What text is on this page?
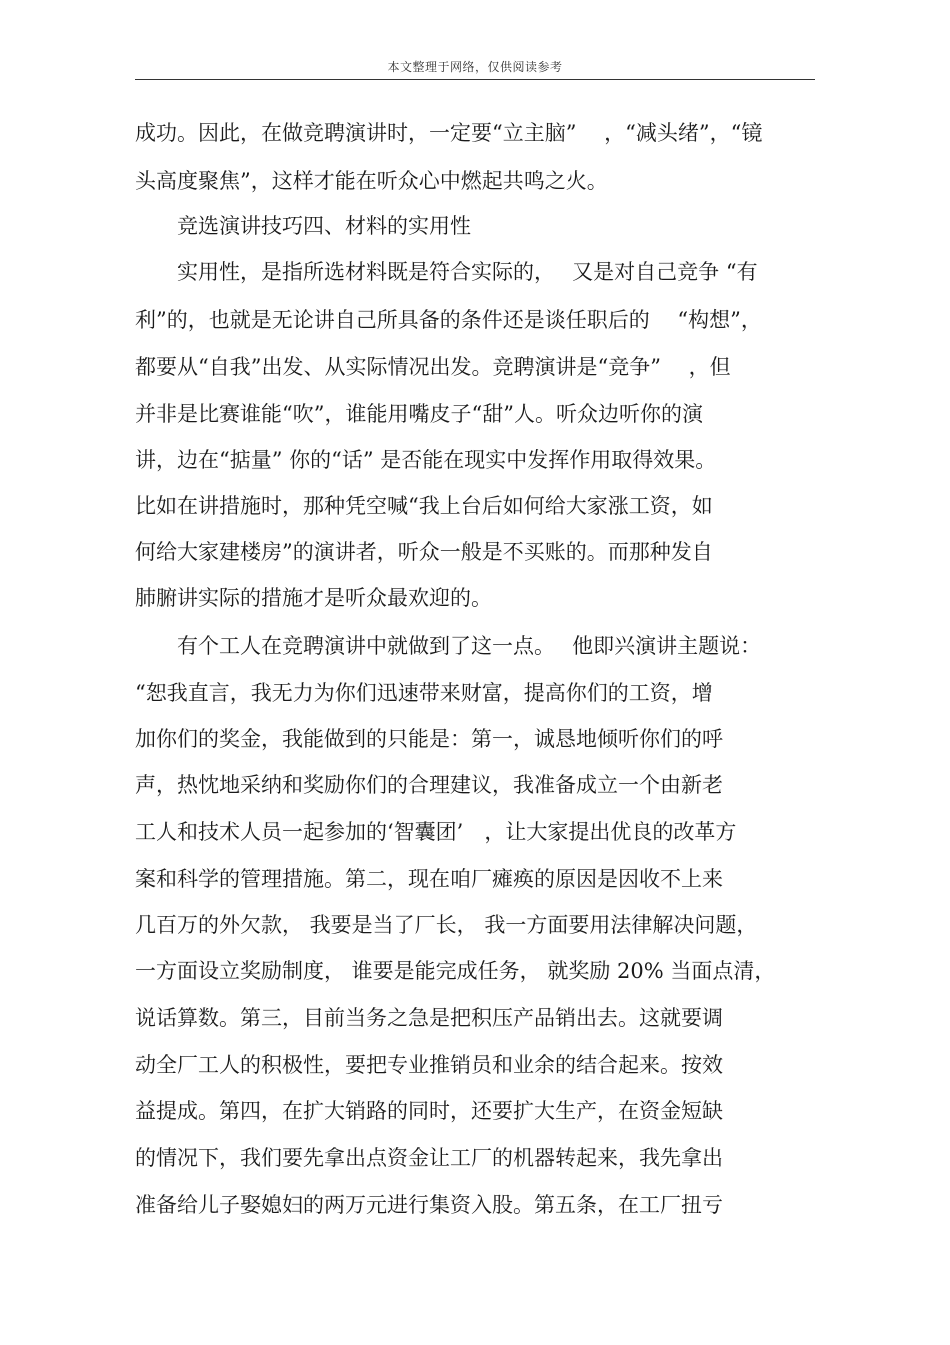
本文整理于网络，仅供阅读参考
成功。因此，在做竞聘演讲时，一定要“立主脑”　 ，“减头绪”，“镜
头高度聚焦”，这样才能在听众心中燃起共鸣之火。
　　竞选演讲技巧四、材料的实用性
　　实用性，是指所选材料既是符合实际的，　 又是对自己竞争 “有
利”的，也就是无论讲自己所具备的条件还是谈任职后的　 “构想”，
都要从“自我”出发、从实际情况出发。竞聘演讲是“竞争”　 ，但
并非是比赛谁能“吹”，谁能用嘴皮子“甜”人。听众边听你的演
讲，边在“掂量” 你的“话” 是否能在现实中发挥作用取得效果。
比如在讲措施时，那种凭空喊“我上台后如何给大家涨工资，如
何给大家建楼房”的演讲者，听众一般是不买账的。而那种发自
肺腑讲实际的措施才是听众最欢迎的。
　　有个工人在竞聘演讲中就做到了这一点。　 他即兴演讲主题说：
“恕我直言，我无力为你们迅速带来财富，提高你们的工资，增
加你们的奖金，我能做到的只能是：第一，诚恳地倾听你们的呼
声，热忱地采纳和奖励你们的合理建议，我准备成立一个由新老
工人和技术人员一起参加的‘智囊团’　，让大家提出优良的改革方
案和科学的管理措施。第二，现在咱厂瘫痪的原因是因收不上来
几百万的外欠款， 我要是当了厂长， 我一方面要用法律解决问题，
一方面设立奖励制度， 谁要是能完成任务， 就奖励 20% 当面点清，
说话算数。第三，目前当务之急是把积压产品销出去。这就要调
动全厂工人的积极性，要把专业推销员和业余的结合起来。按效
益提成。第四，在扩大销路的同时，还要扩大生产，在资金短缺
的情况下，我们要先拿出点资金让工厂的机器转起来，我先拿出
准备给儿子娶媳妇的两万元进行集资入股。第五条，在工厂扭亏
